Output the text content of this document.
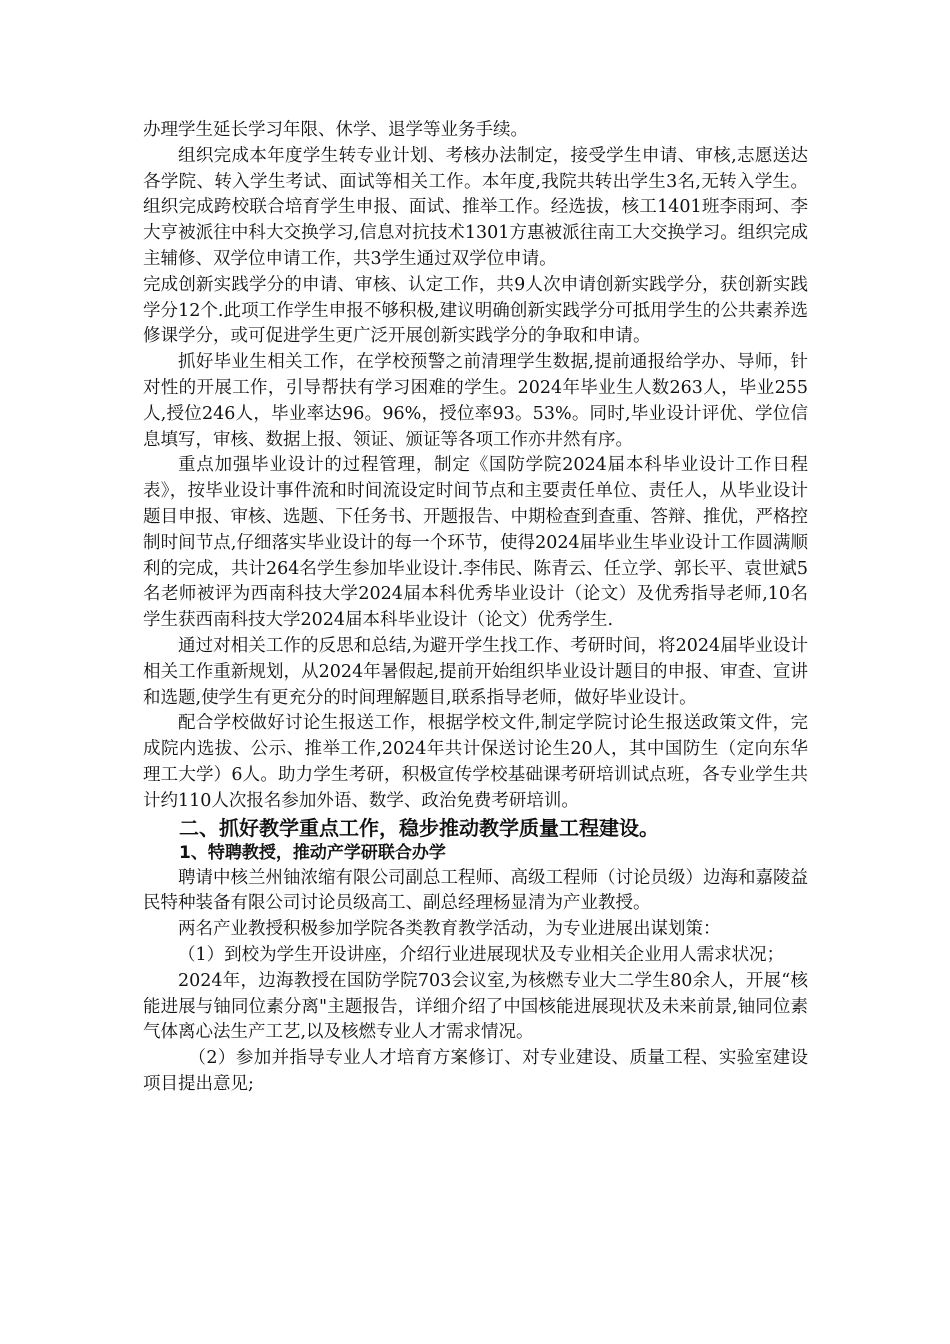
办理学生延长学习年限、休学、退学等业务手续。

组织完成本年度学生转专业计划、考核办法制定，接受学生申请、审核,志愿送达各学院、转入学生考试、面试等相关工作。本年度,我院共转出学生3名,无转入学生。组织完成跨校联合培育学生申报、面试、推举工作。经选拔，核工1401班李雨珂、李大亨被派往中科大交换学习,信息对抗技术1301方惠被派往南工大交换学习。组织完成主辅修、双学位申请工作，共3学生通过双学位申请。

完成创新实践学分的申请、审核、认定工作，共9人次申请创新实践学分，获创新实践学分12个.此项工作学生申报不够积极,建议明确创新实践学分可抵用学生的公共素养选修课学分，或可促进学生更广泛开展创新实践学分的争取和申请。

抓好毕业生相关工作，在学校预警之前清理学生数据,提前通报给学办、导师，针对性的开展工作，引导帮扶有学习困难的学生。2024年毕业生人数263人，毕业255人,授位246人，毕业率达96。96%，授位率93。53%。同时,毕业设计评优、学位信息填写，审核、数据上报、领证、颁证等各项工作亦井然有序。

重点加强毕业设计的过程管理，制定《国防学院2024届本科毕业设计工作日程表》，按毕业设计事件流和时间流设定时间节点和主要责任单位、责任人，从毕业设计题目申报、审核、选题、下任务书、开题报告、中期检查到查重、答辩、推优，严格控制时间节点,仔细落实毕业设计的每一个环节，使得2024届毕业生毕业设计工作圆满顺利的完成，共计264名学生参加毕业设计.李伟民、陈青云、任立学、郭长平、袁世斌5名老师被评为西南科技大学2024届本科优秀毕业设计（论文）及优秀指导老师,10名学生获西南科技大学2024届本科毕业设计（论文）优秀学生.

通过对相关工作的反思和总结,为避开学生找工作、考研时间，将2024届毕业设计相关工作重新规划，从2024年暑假起,提前开始组织毕业设计题目的申报、审查、宣讲和选题,使学生有更充分的时间理解题目,联系指导老师，做好毕业设计。

配合学校做好讨论生报送工作，根据学校文件,制定学院讨论生报送政策文件，完成院内选拔、公示、推举工作,2024年共计保送讨论生20人，其中国防生（定向东华理工大学）6人。助力学生考研，积极宣传学校基础课考研培训试点班，各专业学生共计约110人次报名参加外语、数学、政治免费考研培训。

二、抓好教学重点工作，稳步推动教学质量工程建设。

1、特聘教授，推动产学研联合办学

聘请中核兰州铀浓缩有限公司副总工程师、高级工程师（讨论员级）边海和嘉陵益民特种装备有限公司讨论员级高工、副总经理杨显清为产业教授。

两名产业教授积极参加学院各类教育教学活动，为专业进展出谋划策：

（1）到校为学生开设讲座，介绍行业进展现状及专业相关企业用人需求状况；

2024年，边海教授在国防学院703会议室,为核燃专业大二学生80余人，开展“核能进展与铀同位素分离"主题报告，详细介绍了中国核能进展现状及未来前景,铀同位素气体离心法生产工艺,以及核燃专业人才需求情况。

（2）参加并指导专业人才培育方案修订、对专业建设、质量工程、实验室建设项目提出意见;
